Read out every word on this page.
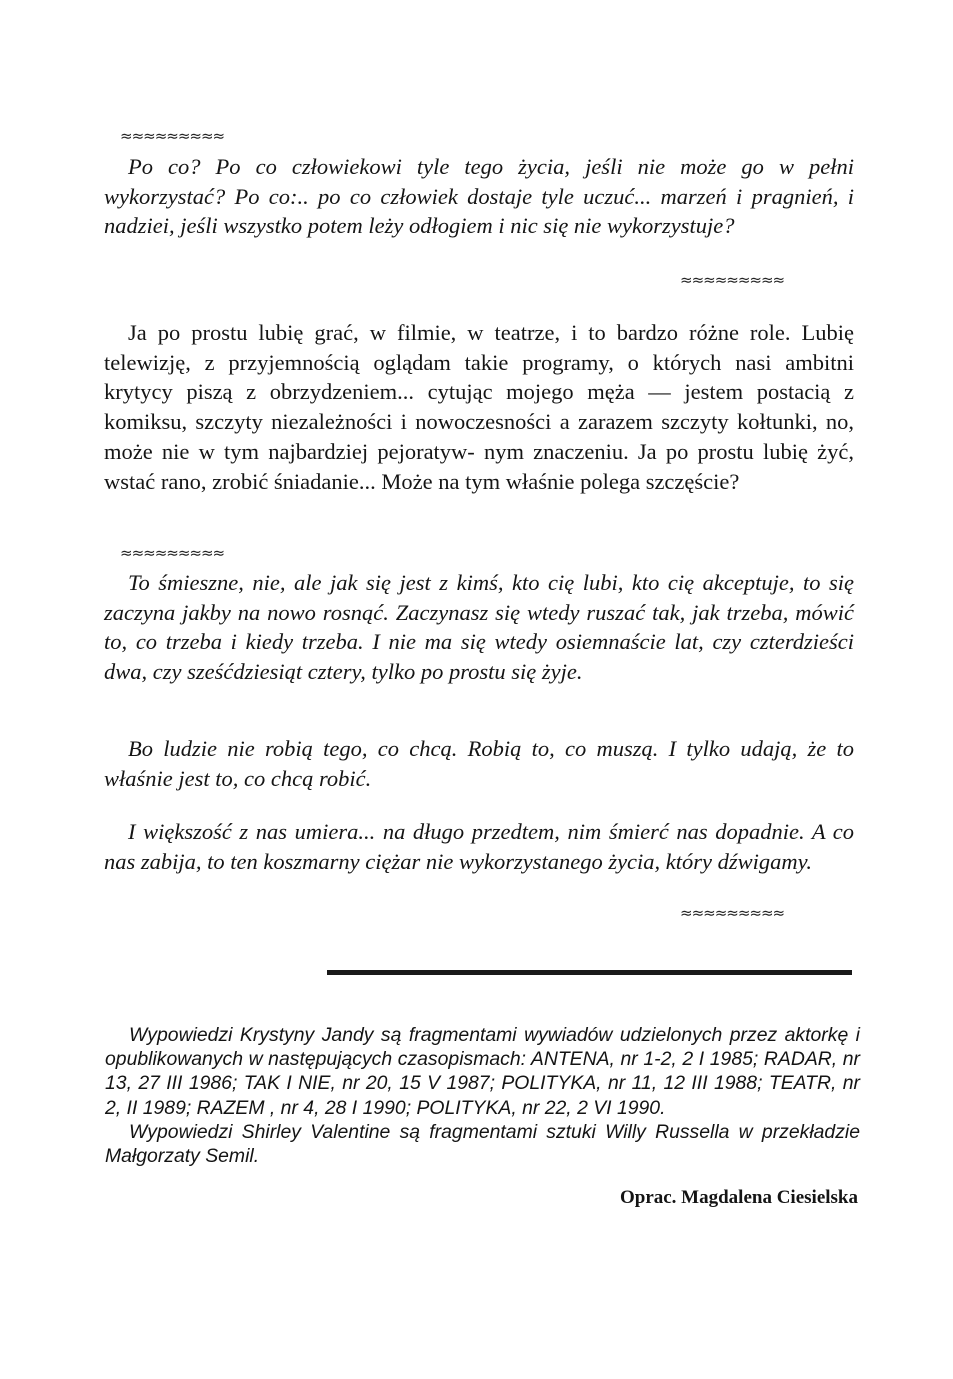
≈≈≈≈≈≈≈≈≈

Po co? Po co człowiekowi tyle tego życia, jeśli nie może go w pełni wykorzystać? Po co:.. po co człowiek dostaje tyle uczuć... marzeń i pragnień, i nadziei, jeśli wszystko potem leży odłogiem i nic się nie wykorzystuje?

≈≈≈≈≈≈≈≈≈

Ja po prostu lubię grać, w filmie, w teatrze, i to bardzo różne role. Lubię telewizję, z przyjemnością oglądam takie programy, o których nasi ambitni krytycy piszą z obrzydzeniem... cytując mojego męża — jestem postacią z komiksu, szczyty niezależności i nowoczesności a zarazem szczyty kołtunki, no, może nie w tym najbardziej pejoratyw- nym znaczeniu. Ja po prostu lubię żyć, wstać rano, zrobić śniadanie... Może na tym właśnie polega szczęście?

≈≈≈≈≈≈≈≈≈

To śmieszne, nie, ale jak się jest z kimś, kto cię lubi, kto cię akceptuje, to się zaczyna jakby na nowo rosnąć. Zaczynasz się wtedy ruszać tak, jak trzeba, mówić to, co trzeba i kiedy trzeba. I nie ma się wtedy osiemnaście lat, czy czterdzieści dwa, czy sześćdziesiąt cztery, tylko po prostu się żyje.

Bo ludzie nie robią tego, co chcą. Robią to, co muszą. I tylko udają, że to właśnie jest to, co chcą robić.

I większość z nas umiera... na długo przedtem, nim śmierć nas dopadnie. A co nas zabija, to ten koszmarny ciężar nie wykorzystanego życia, który dźwigamy.

≈≈≈≈≈≈≈≈≈

Wypowiedzi Krystyny Jandy są fragmentami wywiadów udzielonych przez aktorkę i opublikowanych w następujących czasopismach: ANTENA, nr 1-2, 2 I 1985; RADAR, nr 13, 27 III 1986; TAK I NIE, nr 20, 15 V 1987; POLITYKA, nr 11, 12 III 1988; TEATR, nr 2, II 1989; RAZEM , nr 4, 28 I 1990; POLITYKA, nr 22, 2 VI 1990.

Wypowiedzi Shirley Valentine są fragmentami sztuki Willy Russella w przekładzie Małgorzaty Semil.

Oprac. Magdalena Ciesielska
